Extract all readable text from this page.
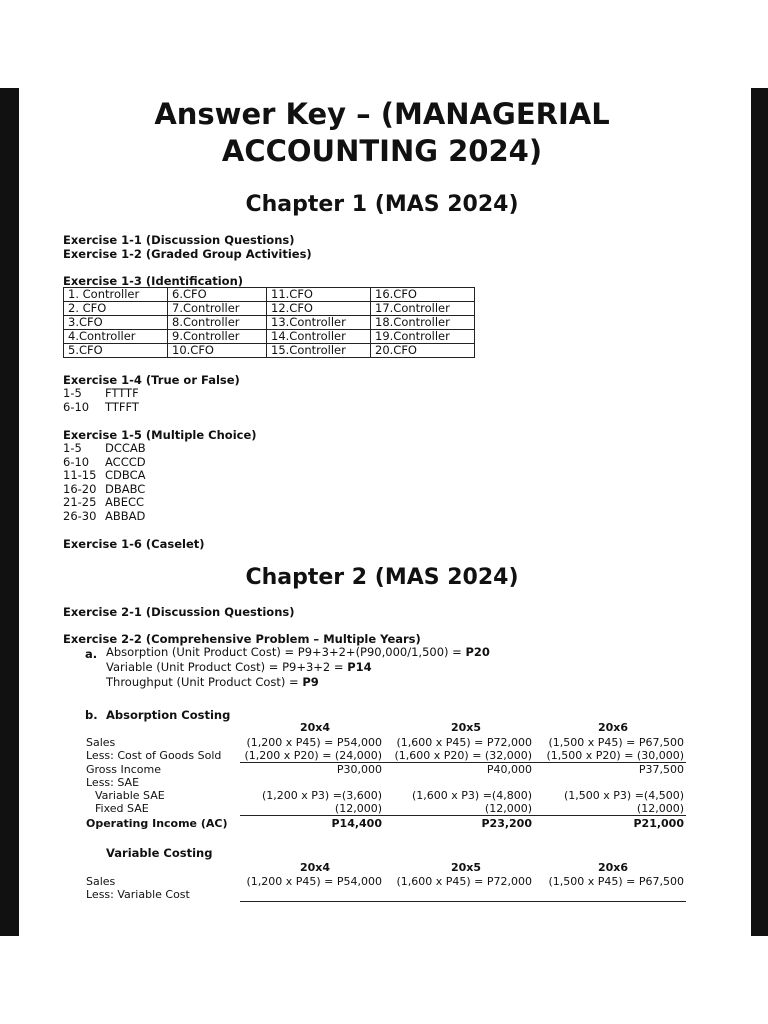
Answer Key – (MANAGERIAL
ACCOUNTING 2024)
Chapter 1 (MAS 2024)
Exercise 1-1 (Discussion Questions)
Exercise 1-2 (Graded Group Activities)
Exercise 1-3 (Identification)
1. Controller	6.CFO	11.CFO	16.CFO
2. CFO	7.Controller	12.CFO	17.Controller
3.CFO	8.Controller	13.Controller	18.Controller
4.Controller	9.Controller	14.Controller	19.Controller
5.CFO	10.CFO	15.Controller	20.CFO
Exercise 1-4 (True or False)
1-5 FTTTF
6-10 TTFFT
Exercise 1-5 (Multiple Choice)
1-5 DCCAB
6-10 ACCCD
11-15 CDBCA
16-20 DBABC
21-25 ABECC
26-30 ABBAD
Exercise 1-6 (Caselet)
Chapter 2 (MAS 2024)
Exercise 2-1 (Discussion Questions)
Exercise 2-2 (Comprehensive Problem – Multiple Years)
a. Absorption (Unit Product Cost) = P9+3+2+(P90,000/1,500) = P20
Variable (Unit Product Cost) = P9+3+2 = P14
Throughput (Unit Product Cost) = P9
b. Absorption Costing
20x4	20x5	20x6
Sales	(1,200 x P45) = P54,000	(1,600 x P45) = P72,000	(1,500 x P45) = P67,500
Less: Cost of Goods Sold	(1,200 x P20) = (24,000)	(1,600 x P20) = (32,000)	(1,500 x P20) = (30,000)
Gross Income	P30,000	P40,000	P37,500
Less: SAE
Variable SAE	(1,200 x P3) =(3,600)	(1,600 x P3) =(4,800)	(1,500 x P3) =(4,500)
Fixed SAE	(12,000)	(12,000)	(12,000)
Operating Income (AC)	P14,400	P23,200	P21,000
Variable Costing
20x4	20x5	20x6
Sales	(1,200 x P45) = P54,000	(1,600 x P45) = P72,000	(1,500 x P45) = P67,500
Less: Variable Cost
